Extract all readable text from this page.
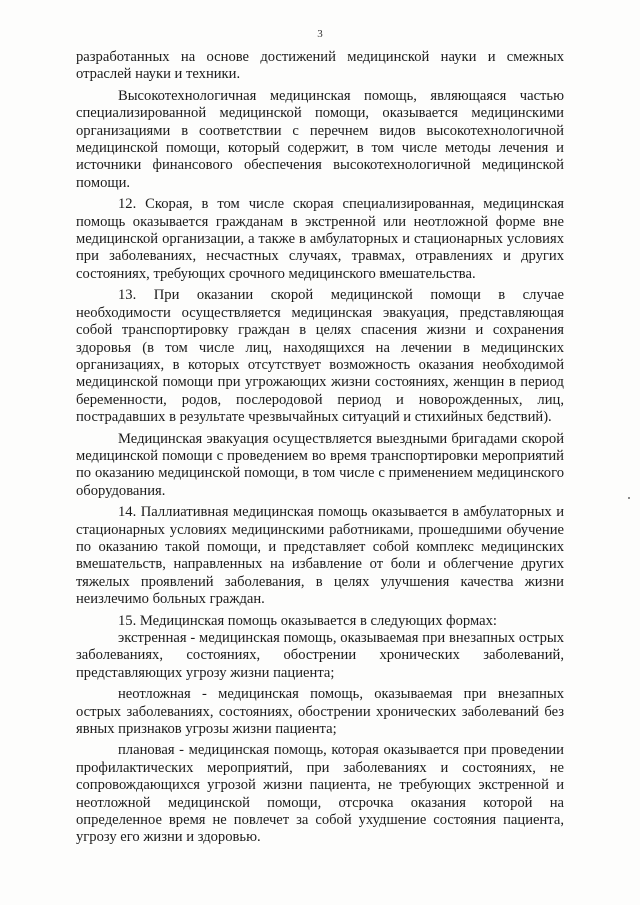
3

разработанных на основе достижений медицинской науки и смежных отраслей науки и техники.

Высокотехнологичная медицинская помощь, являющаяся частью специализированной медицинской помощи, оказывается медицинскими организациями в соответствии с перечнем видов высокотехнологичной медицинской помощи, который содержит, в том числе методы лечения и источники финансового обеспечения высокотехнологичной медицинской помощи.

12. Скорая, в том числе скорая специализированная, медицинская помощь оказывается гражданам в экстренной или неотложной форме вне медицинской организации, а также в амбулаторных и стационарных условиях при заболеваниях, несчастных случаях, травмах, отравлениях и других состояниях, требующих срочного медицинского вмешательства.

13. При оказании скорой медицинской помощи в случае необходимости осуществляется медицинская эвакуация, представляющая собой транспортировку граждан в целях спасения жизни и сохранения здоровья (в том числе лиц, находящихся на лечении в медицинских организациях, в которых отсутствует возможность оказания необходимой медицинской помощи при угрожающих жизни состояниях, женщин в период беременности, родов, послеродовой период и новорожденных, лиц, пострадавших в результате чрезвычайных ситуаций и стихийных бедствий).

Медицинская эвакуация осуществляется выездными бригадами скорой медицинской помощи с проведением во время транспортировки мероприятий по оказанию медицинской помощи, в том числе с применением медицинского оборудования.

14. Паллиативная медицинская помощь оказывается в амбулаторных и стационарных условиях медицинскими работниками, прошедшими обучение по оказанию такой помощи, и представляет собой комплекс медицинских вмешательств, направленных на избавление от боли и облегчение других тяжелых проявлений заболевания, в целях улучшения качества жизни неизлечимо больных граждан.

15. Медицинская помощь оказывается в следующих формах:

экстренная - медицинская помощь, оказываемая при внезапных острых заболеваниях, состояниях, обострении хронических заболеваний, представляющих угрозу жизни пациента;

неотложная - медицинская помощь, оказываемая при внезапных острых заболеваниях, состояниях, обострении хронических заболеваний без явных признаков угрозы жизни пациента;

плановая - медицинская помощь, которая оказывается при проведении профилактических мероприятий, при заболеваниях и состояниях, не сопровождающихся угрозой жизни пациента, не требующих экстренной и неотложной медицинской помощи, отсрочка оказания которой на определенное время не повлечет за собой ухудшение состояния пациента, угрозу его жизни и здоровью.
